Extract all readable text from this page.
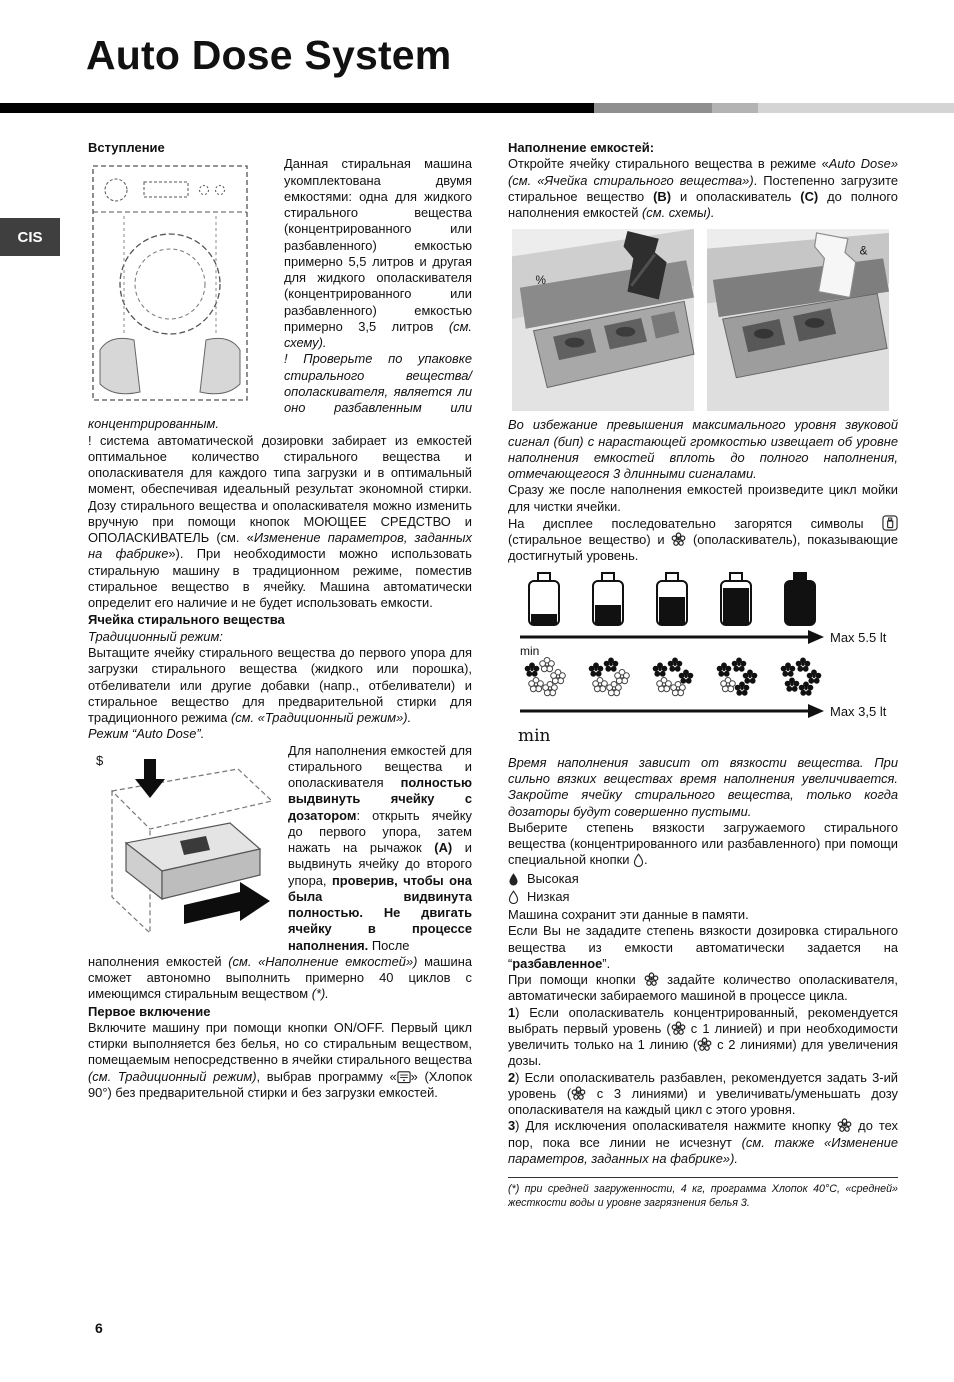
Auto Dose System
CIS
Вступление

Данная стиральная машина укомплектована двумя емкостями: одна для жидкого стирального вещества (концентрированного или разбавленного) емкостью примерно 5,5 литров и другая для жидкого ополаскивателя (концентрированного или разбавленного) емкостью примерно 3,5 литров (см. схему).

! Проверьте по упаковке стирального вещества/ополаскивателя, является ли оно разбавленным или концентрированным.

! система автоматической дозировки забирает из емкостей оптимальное количество стирального вещества и ополаскивателя для каждого типа загрузки и в оптимальный момент, обеспечивая идеальный результат экономной стирки. Дозу стирального вещества и ополаскивателя можно изменить вручную при помощи кнопок МОЮЩЕЕ СРЕДСТВО и ОПОЛАСКИВАТЕЛЬ (см. «Изменение параметров, заданных на фабрике»). При необходимости можно использовать стиральную машину в традиционном режиме, поместив стиральное вещество в ячейку. Машина автоматически определит его наличие и не будет использовать емкости.

Ячейка стирального вещества

Традиционный режим:

Вытащите ячейку стирального вещества до первого упора для загрузки стирального вещества (жидкого или порошка), отбеливатели или другие добавки (напр., отбеливатели) и стиральное вещество для предварительной стирки для традиционного режима (см. «Традиционный режим»).

Режим “Auto Dose”.

$

Для наполнения емкостей для стирального вещества и ополаскивателя полностью выдвинуть ячейку с дозатором: открыть ячейку до первого упора, затем нажать на рычажок (A) и выдвинуть ячейку до второго упора, проверив, чтобы она была видвинута полностью. Не двигать ячейку в процессе наполнения. После

наполнения емкостей (см. «Наполнение емкостей») машина сможет автономно выполнить примерно 40 циклов с имеющимся стиральным веществом (*).

Первое включение

Включите машину при помощи кнопки ON/OFF. Первый цикл стирки выполняется без белья, но со стиральным веществом, помещаемым непосредственно в ячейки стирального вещества (см. Традиционный режим), выбрав программу « » (Хлопок 90°) без предварительной стирки и без загрузки емкостей.

Наполнение емкостей:

Откройте ячейку стирального вещества в режиме «Auto Dose» (см. «Ячейка стирального вещества»). Постепенно загрузите стиральное вещество (B) и ополаскиватель (C) до полного наполнения емкостей (см. схемы).

%
&

Во избежание превышения максимального уровня звуковой сигнал (бип) с нарастающей громкостью извещает об уровне наполнения емкостей вплоть до полного наполнения, отмечающегося 3 длинными сигналами.

Сразу же после наполнения емкостей произведите цикл мойки для чистки ячейки.

На дисплее последовательно загорятся символы  (стиральное вещество) и  (ополаскиватель), показывающие достигнутый уровень.

min
Max 5.5 lt
Max 3,5 lt
min

Время наполнения зависит от вязкости вещества. При сильно вязких веществах время наполнения увеличивается. Закройте ячейку стирального вещества, только когда дозаторы будут совершенно пустыми.

Выберите степень вязкости загружаемого стирального вещества (концентрированного или разбавленного) при помощи специальной кнопки .

Высокая
Низкая

Машина сохранит эти данные в памяти.

Если Вы не зададите степень вязкости дозировка стирального вещества из емкости автоматически задается на “разбавленное”.

При помощи кнопки  задайте количество ополаскивателя, автоматически забираемого машиной в процессе цикла.

1) Если ополаскиватель концентрированный, рекомендуется выбрать первый уровень ( с 1 линией) и при необходимости увеличить только на 1 линию ( с 2 линиями) для увеличения дозы.

2) Если ополаскиватель разбавлен, рекомендуется задать 3-ий уровень ( с 3 линиями) и увеличивать/уменьшать дозу ополаскивателя на каждый цикл с этого уровня.

3) Для исключения ополаскивателя нажмите кнопку  до тех пор, пока все линии не исчезнут (см. также «Изменение параметров, заданных на фабрике»).

(*) при средней загруженности, 4 кг, программа Хлопок 40°C, «средней» жесткости воды и уровне загрязнения белья 3.

6
